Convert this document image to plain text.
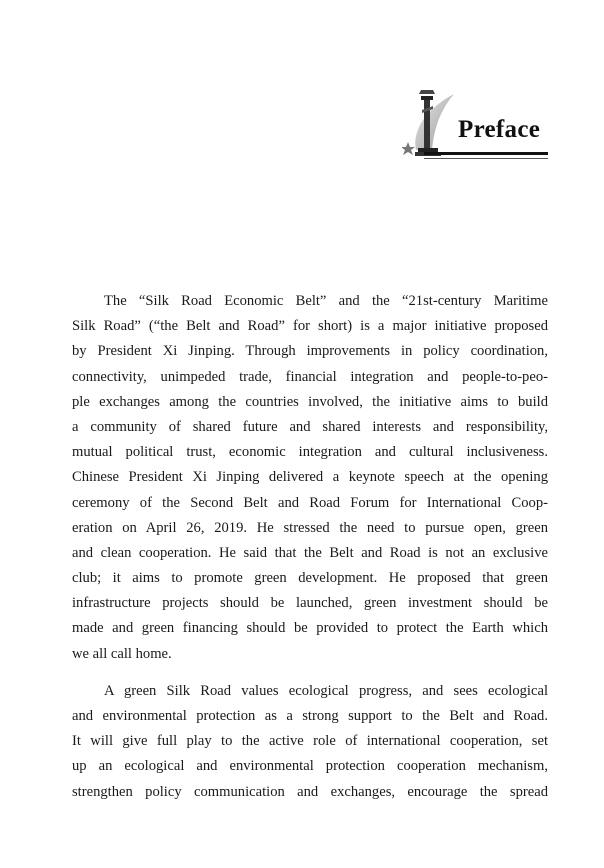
Preface
The “Silk Road Economic Belt” and the “21st-century Maritime
Silk Road” (“the Belt and Road” for short) is a major initiative proposed
by President Xi Jinping. Through improvements in policy coordination,
connectivity, unimpeded trade, financial integration and people-to-peo-
ple exchanges among the countries involved, the initiative aims to build
a community of shared future and shared interests and responsibility,
mutual political trust, economic integration and cultural inclusiveness.
Chinese President Xi Jinping delivered a keynote speech at the opening
ceremony of the Second Belt and Road Forum for International Coop-
eration on April 26, 2019. He stressed the need to pursue open, green
and clean cooperation. He said that the Belt and Road is not an exclusive
club; it aims to promote green development. He proposed that green
infrastructure projects should be launched, green investment should be
made and green financing should be provided to protect the Earth which
we all call home.
A green Silk Road values ecological progress, and sees ecological
and environmental protection as a strong support to the Belt and Road.
It will give full play to the active role of international cooperation, set
up an ecological and environmental protection cooperation mechanism,
strengthen policy communication and exchanges, encourage the spread
